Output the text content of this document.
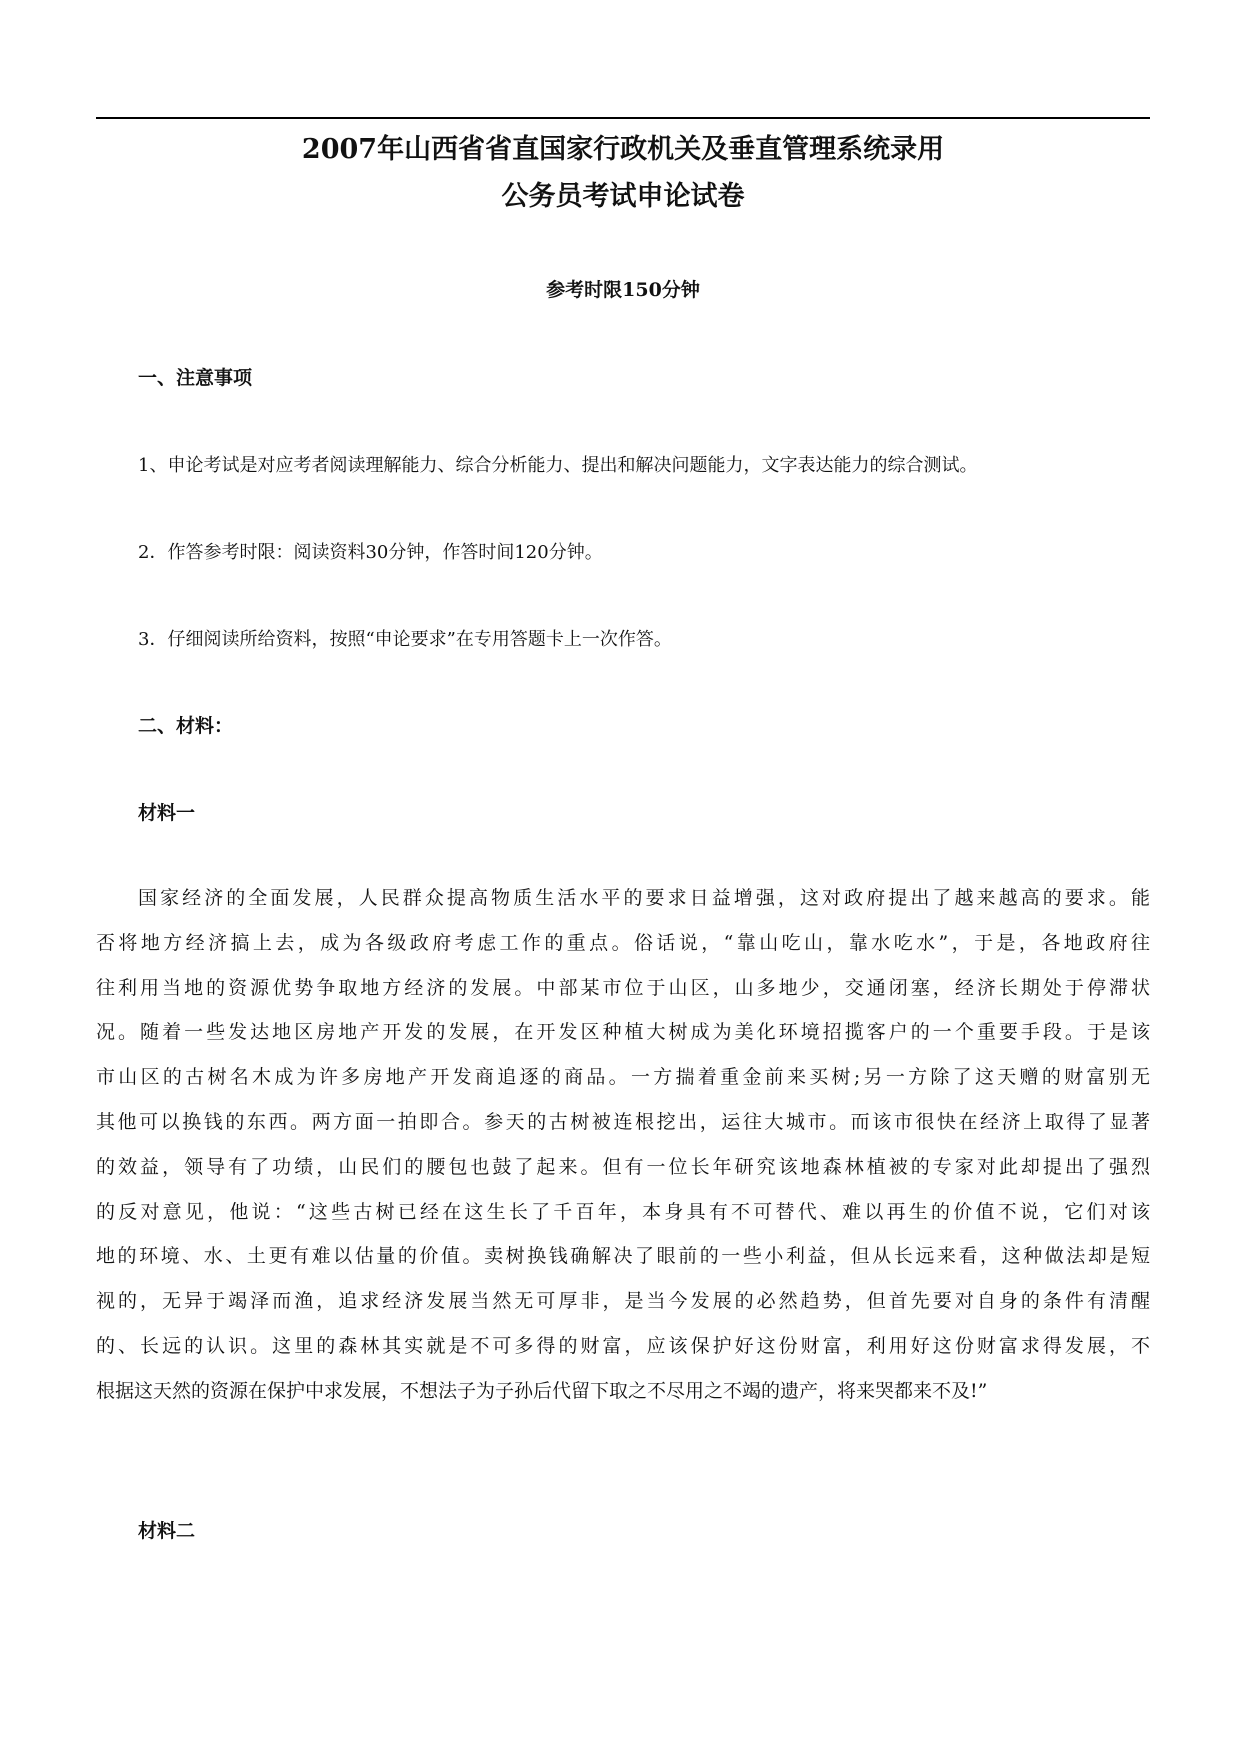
2007年山西省省直国家行政机关及垂直管理系统录用
公务员考试申论试卷
参考时限150分钟
一、注意事项
1、申论考试是对应考者阅读理解能力、综合分析能力、提出和解决问题能力，文字表达能力的综合测试。
2．作答参考时限：阅读资料30分钟，作答时间120分钟。
3．仔细阅读所给资料，按照“申论要求”在专用答题卡上一次作答。
二、材料：
材料一
国家经济的全面发展，人民群众提高物质生活水平的要求日益增强，这对政府提出了越来越高的要求。能
否将地方经济搞上去，成为各级政府考虑工作的重点。俗话说，“靠山吃山，靠水吃水”，于是，各地政府往
往利用当地的资源优势争取地方经济的发展。中部某市位于山区，山多地少，交通闭塞，经济长期处于停滞状
况。随着一些发达地区房地产开发的发展，在开发区种植大树成为美化环境招揽客户的一个重要手段。于是该
市山区的古树名木成为许多房地产开发商追逐的商品。一方揣着重金前来买树;另一方除了这天赠的财富别无
其他可以换钱的东西。两方面一拍即合。参天的古树被连根挖出，运往大城市。而该市很快在经济上取得了显著
的效益，领导有了功绩，山民们的腰包也鼓了起来。但有一位长年研究该地森林植被的专家对此却提出了强烈
的反对意见，他说：“这些古树已经在这生长了千百年，本身具有不可替代、难以再生的价值不说，它们对该
地的环境、水、土更有难以估量的价值。卖树换钱确解决了眼前的一些小利益，但从长远来看，这种做法却是短
视的，无异于竭泽而渔，追求经济发展当然无可厚非，是当今发展的必然趋势，但首先要对自身的条件有清醒
的、长远的认识。这里的森林其实就是不可多得的财富，应该保护好这份财富，利用好这份财富求得发展，不
根据这天然的资源在保护中求发展，不想法子为子孙后代留下取之不尽用之不竭的遗产，将来哭都来不及!”
材料二
